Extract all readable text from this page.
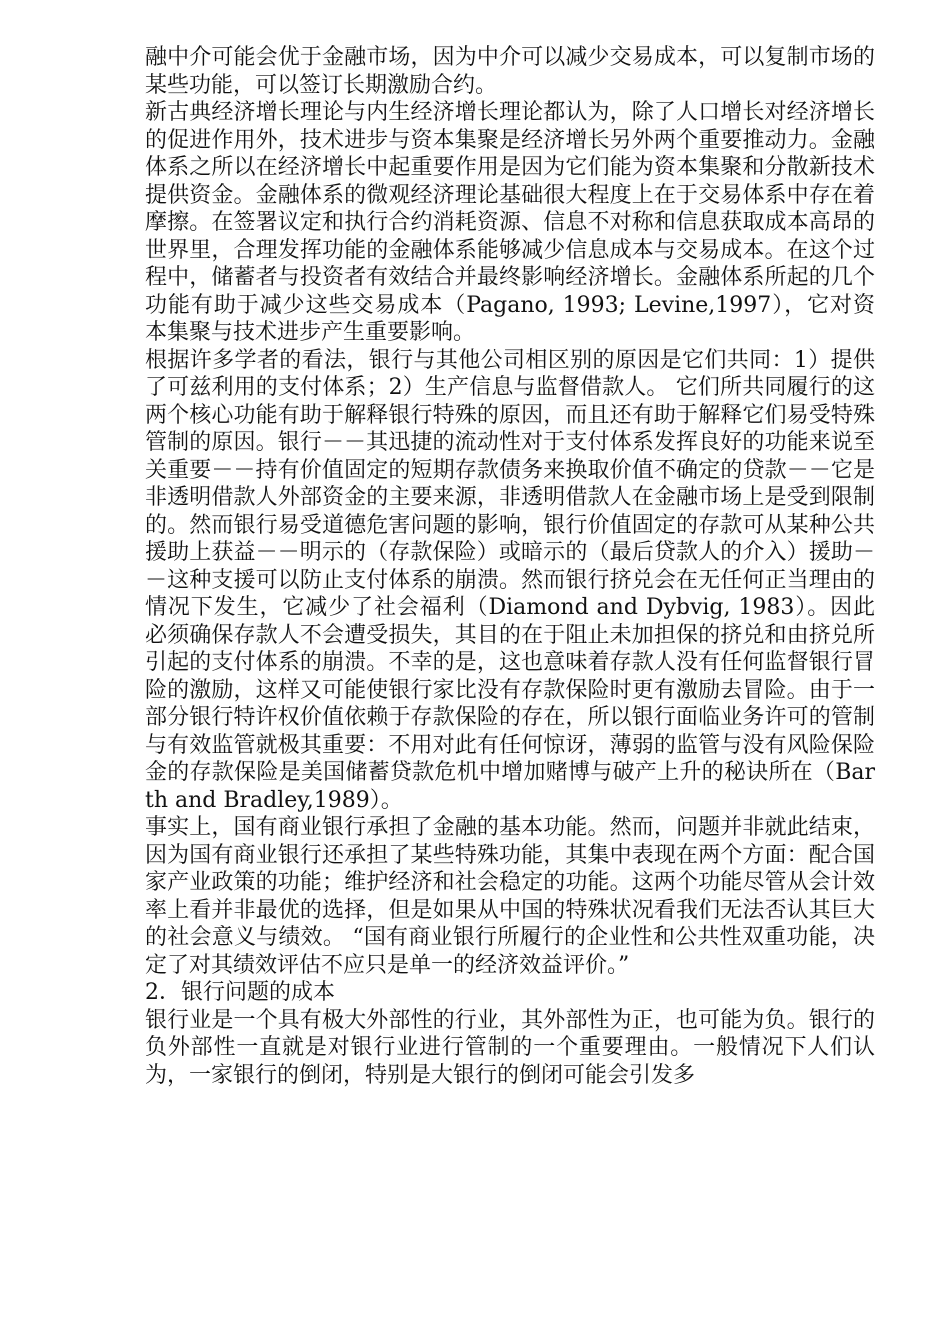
融中介可能会优于金融市场，因为中介可以减少交易成本，可以复制市场的某些功能，可以签订长期激励合约。

新古典经济增长理论与内生经济增长理论都认为，除了人口增长对经济增长的促进作用外，技术进步与资本集聚是经济增长另外两个重要推动力。金融体系之所以在经济增长中起重要作用是因为它们能为资本集聚和分散新技术提供资金。金融体系的微观经济理论基础很大程度上在于交易体系中存在着摩擦。在签署议定和执行合约消耗资源、信息不对称和信息获取成本高昂的世界里，合理发挥功能的金融体系能够减少信息成本与交易成本。在这个过程中，储蓄者与投资者有效结合并最终影响经济增长。金融体系所起的几个功能有助于减少这些交易成本（Pagano, 1993; Levine,1997），它对资本集聚与技术进步产生重要影响。

根据许多学者的看法，银行与其他公司相区别的原因是它们共同：1）提供了可兹利用的支付体系；2）生产信息与监督借款人。 它们所共同履行的这两个核心功能有助于解释银行特殊的原因，而且还有助于解释它们易受特殊管制的原因。银行－－其迅捷的流动性对于支付体系发挥良好的功能来说至关重要－－持有价值固定的短期存款债务来换取价值不确定的贷款－－它是非透明借款人外部资金的主要来源，非透明借款人在金融市场上是受到限制的。然而银行易受道德危害问题的影响，银行价值固定的存款可从某种公共援助上获益－－明示的（存款保险）或暗示的（最后贷款人的介入）援助－－这种支援可以防止支付体系的崩溃。然而银行挤兑会在无任何正当理由的情况下发生，它减少了社会福利（Diamond and Dybvig, 1983）。因此必须确保存款人不会遭受损失，其目的在于阻止未加担保的挤兑和由挤兑所引起的支付体系的崩溃。不幸的是，这也意味着存款人没有任何监督银行冒险的激励，这样又可能使银行家比没有存款保险时更有激励去冒险。由于一部分银行特许权价值依赖于存款保险的存在，所以银行面临业务许可的管制与有效监管就极其重要：不用对此有任何惊讶，薄弱的监管与没有风险保险金的存款保险是美国储蓄贷款危机中增加赌博与破产上升的秘诀所在（Barth and Bradley,1989）。

事实上，国有商业银行承担了金融的基本功能。然而，问题并非就此结束，因为国有商业银行还承担了某些特殊功能，其集中表现在两个方面：配合国家产业政策的功能；维护经济和社会稳定的功能。这两个功能尽管从会计效率上看并非最优的选择，但是如果从中国的特殊状况看我们无法否认其巨大的社会意义与绩效。 “国有商业银行所履行的企业性和公共性双重功能，决定了对其绩效评估不应只是单一的经济效益评价。”

2．银行问题的成本

银行业是一个具有极大外部性的行业，其外部性为正，也可能为负。银行的负外部性一直就是对银行业进行管制的一个重要理由。一般情况下人们认为，一家银行的倒闭，特别是大银行的倒闭可能会引发多
